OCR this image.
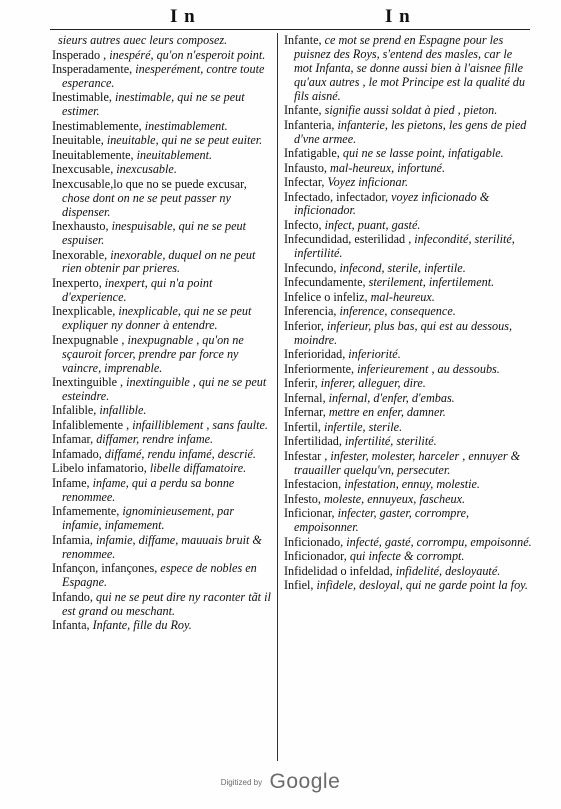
I n	I n
sieurs autres auec leurs composez.
Insperado , inespéré, qu'on n'esperoit point.
Insperadamente, inesperément, contre toute esperance.
Inestimable, inestimable, qui ne se peut estimer.
Inestimablemente, inestimablement.
Ineuitable, ineuitable, qui ne se peut euiter.
Ineuitablemente, ineuitablement.
Inexcusable, inexcusable.
Inexcusable,lo que no se puede excusar, chose dont on ne se peut passer ny dispenser.
Inexhausto, inespuisable, qui ne se peut espuiser.
Inexorable, inexorable, duquel on ne peut rien obtenir par prieres.
Inexperto, inexpert, qui n'a point d'experience.
Inexplicable, inexplicable, qui ne se peut expliquer ny donner à entendre.
Inexpugnable , inexpugnable , qu'on ne sçauroit forcer, prendre par force ny vaincre, imprenable.
Inextinguible , inextinguible , qui ne se peut esteindre.
Infalible, infallible.
Infaliblemente , infailliblement , sans faulte.
Infamar, diffamer, rendre infame.
Infamado, diffamé, rendu infamé, descrié.
Libelo infamatorio, libelle diffamatoire.
Infame, infame, qui a perdu sa bonne renommee.
Infamemente, ignominieusement, par infamie, infamement.
Infamia, infamie, diffame, mauuais bruit & renommee.
Infançon, infançones, espece de nobles en Espagne.
Infando, qui ne se peut dire ny raconter tãt il est grand ou meschant.
Infanta, Infante, fille du Roy.
Infante, ce mot se prend en Espagne pour les puisnez des Roys, s'entend des masles, car le mot Infanta, se donne aussi bien à l'aisnee fille qu'aux autres , le mot Principe est la qualité du fils aisné.
Infante, signifie aussi soldat à pied , pieton.
Infanteria, infanterie, les pietons, les gens de pied d'vne armee.
Infatigable, qui ne se lasse point, infatigable.
Infausto, mal-heureux, infortuné.
Infectar, Voyez inficionar.
Infectado, infectador, voyez inficionado & inficionador.
Infecto, infect, puant, gasté.
Infecundidad, esterilidad , infecondité, sterilité, infertilité.
Infecundo, infecond, sterile, infertile.
Infecundamente, sterilement, infertilement.
Infelice o infeliz, mal-heureux.
Inferencia, inference, consequence.
Inferior, inferieur, plus bas, qui est au dessous, moindre.
Inferioridad, inferiorité.
Inferiormente, inferieurement , au dessoubs.
Inferir, inferer, alleguer, dire.
Infernal, infernal, d'enfer, d'embas.
Infernar, mettre en enfer, damner.
Infertil, infertile, sterile.
Infertilidad, infertilité, sterilité.
Infestar , infester, molester, harceler , ennuyer & trauailler quelqu'vn, persecuter.
Infestacion, infestation, ennuy, molestie.
Infesto, moleste, ennuyeux, fascheux.
Inficionar, infecter, gaster, corrompre, empoisonner.
Inficionado, infecté, gasté, corrompu, empoisonné.
Inficionador, qui infecte & corrompt.
Infidelidad o infeldad, infidelité, desloyauté.
Infiel, infidele, desloyal, qui ne garde point la foy.
Digitized by Google
